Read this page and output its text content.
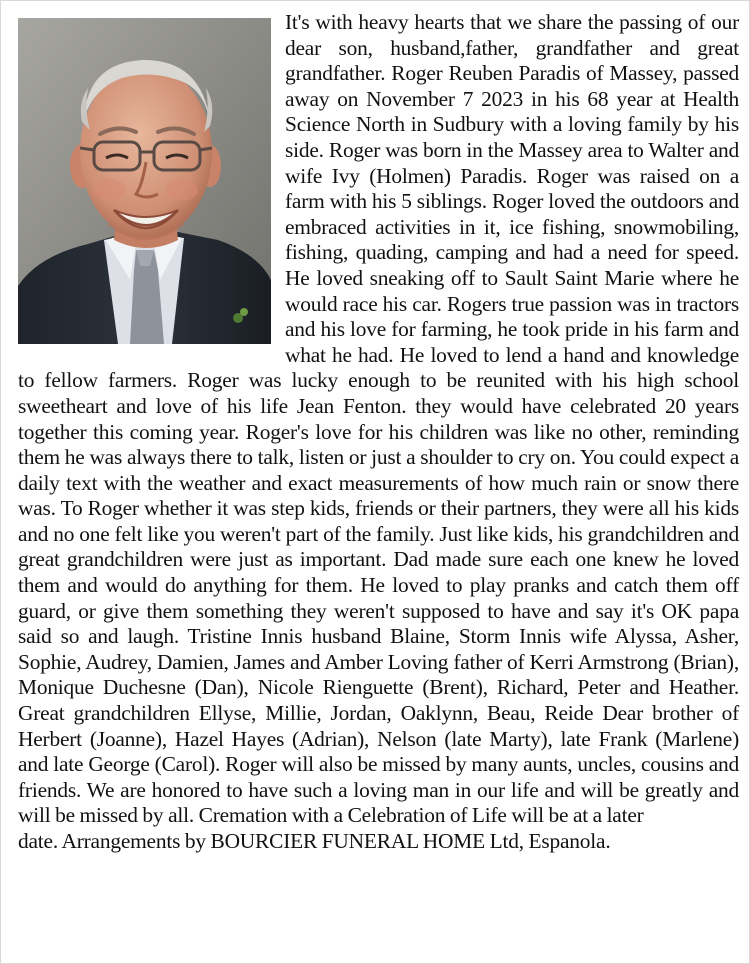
It's with heavy hearts that we share the passing of our dear son, husband,father, grandfather and great grandfather. Roger Reuben Paradis of Massey, passed away on November 7 2023 in his 68 year at Health Science North in Sudbury with a loving family by his side. Roger was born in the Massey area to Walter and wife Ivy (Holmen) Paradis. Roger was raised on a farm with his 5 siblings. Roger loved the outdoors and embraced activities in it, ice fishing, snowmobiling, fishing, quading, camping and had a need for speed. He loved sneaking off to Sault Saint Marie where he would race his car. Rogers true passion was in tractors and his love for farming, he took pride in his farm and what he had. He loved to lend a hand and knowledge to fellow farmers. Roger was lucky enough to be reunited with his high school sweetheart and love of his life Jean Fenton. they would have celebrated 20 years together this coming year. Roger's love for his children was like no other, reminding them he was always there to talk, listen or just a shoulder to cry on. You could expect a daily text with the weather and exact measurements of how much rain or snow there was. To Roger whether it was step kids, friends or their partners, they were all his kids and no one felt like you weren't part of the family. Just like kids, his grandchildren and great grandchildren were just as important. Dad made sure each one knew he loved them and would do anything for them. He loved to play pranks and catch them off guard, or give them something they weren't supposed to have and say it's OK papa said so and laugh. Tristine Innis husband Blaine, Storm Innis wife Alyssa, Asher, Sophie, Audrey, Damien, James and Amber Loving father of Kerri Armstrong (Brian), Monique Duchesne (Dan), Nicole Rienguette (Brent), Richard, Peter and Heather. Great grandchildren Ellyse, Millie, Jordan, Oaklynn, Beau, Reide Dear brother of Herbert (Joanne), Hazel Hayes (Adrian), Nelson (late Marty), late Frank (Marlene) and late George (Carol). Roger will also be missed by many aunts, uncles, cousins and friends. We are honored to have such a loving man in our life and will be greatly and will be missed by all. Cremation with a Celebration of Life will be at a later
date. Arrangements by BOURCIER FUNERAL HOME Ltd, Espanola.
